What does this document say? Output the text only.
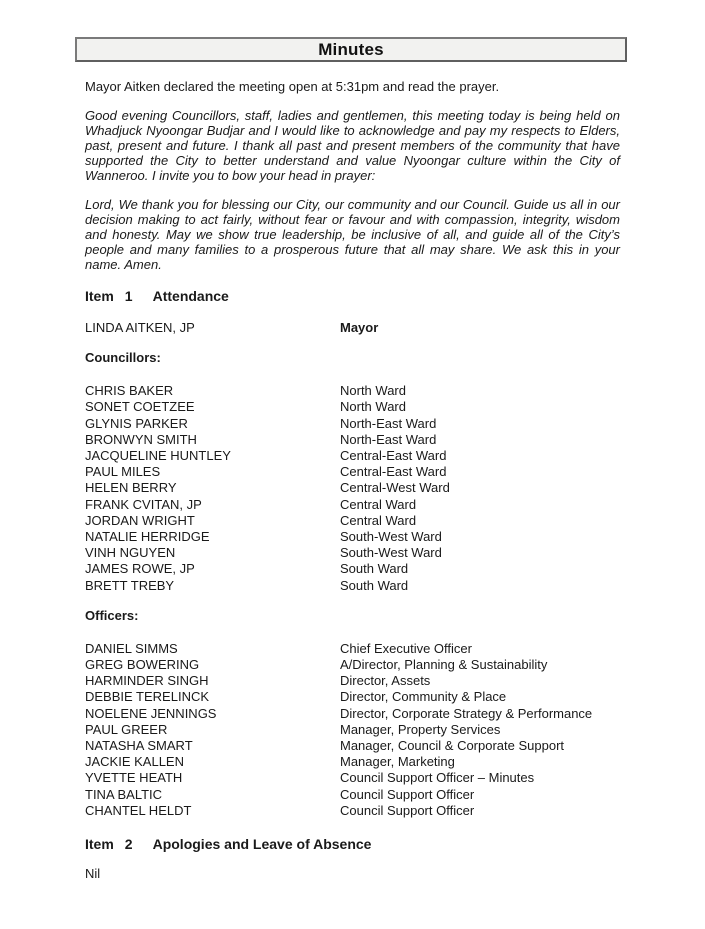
Minutes

Mayor Aitken declared the meeting open at 5:31pm and read the prayer.

Good evening Councillors, staff, ladies and gentlemen, this meeting today is being held on Whadjuck Nyoongar Budjar and I would like to acknowledge and pay my respects to Elders, past, present and future. I thank all past and present members of the community that have supported the City to better understand and value Nyoongar culture within the City of Wanneroo. I invite you to bow your head in prayer:

Lord, We thank you for blessing our City, our community and our Council. Guide us all in our decision making to act fairly, without fear or favour and with compassion, integrity, wisdom and honesty. May we show true leadership, be inclusive of all, and guide all of the City’s people and many families to a prosperous future that all may share. We ask this in your name. Amen.

Item 1 Attendance
LINDA AITKEN, JP	Mayor
Councillors:
CHRIS BAKER	North Ward
SONET COETZEE	North Ward
GLYNIS PARKER	North-East Ward
BRONWYN SMITH	North-East Ward
JACQUELINE HUNTLEY	Central-East Ward
PAUL MILES	Central-East Ward
HELEN BERRY	Central-West Ward
FRANK CVITAN, JP	Central Ward
JORDAN WRIGHT	Central Ward
NATALIE HERRIDGE	South-West Ward
VINH NGUYEN	South-West Ward
JAMES ROWE, JP	South Ward
BRETT TREBY	South Ward
Officers:
DANIEL SIMMS	Chief Executive Officer
GREG BOWERING	A/Director, Planning & Sustainability
HARMINDER SINGH	Director, Assets
DEBBIE TERELINCK	Director, Community & Place
NOELENE JENNINGS	Director, Corporate Strategy & Performance
PAUL GREER	Manager, Property Services
NATASHA SMART	Manager, Council & Corporate Support
JACKIE KALLEN	Manager, Marketing
YVETTE HEATH	Council Support Officer – Minutes
TINA BALTIC	Council Support Officer
CHANTEL HELDT	Council Support Officer
Item 2 Apologies and Leave of Absence

Nil
